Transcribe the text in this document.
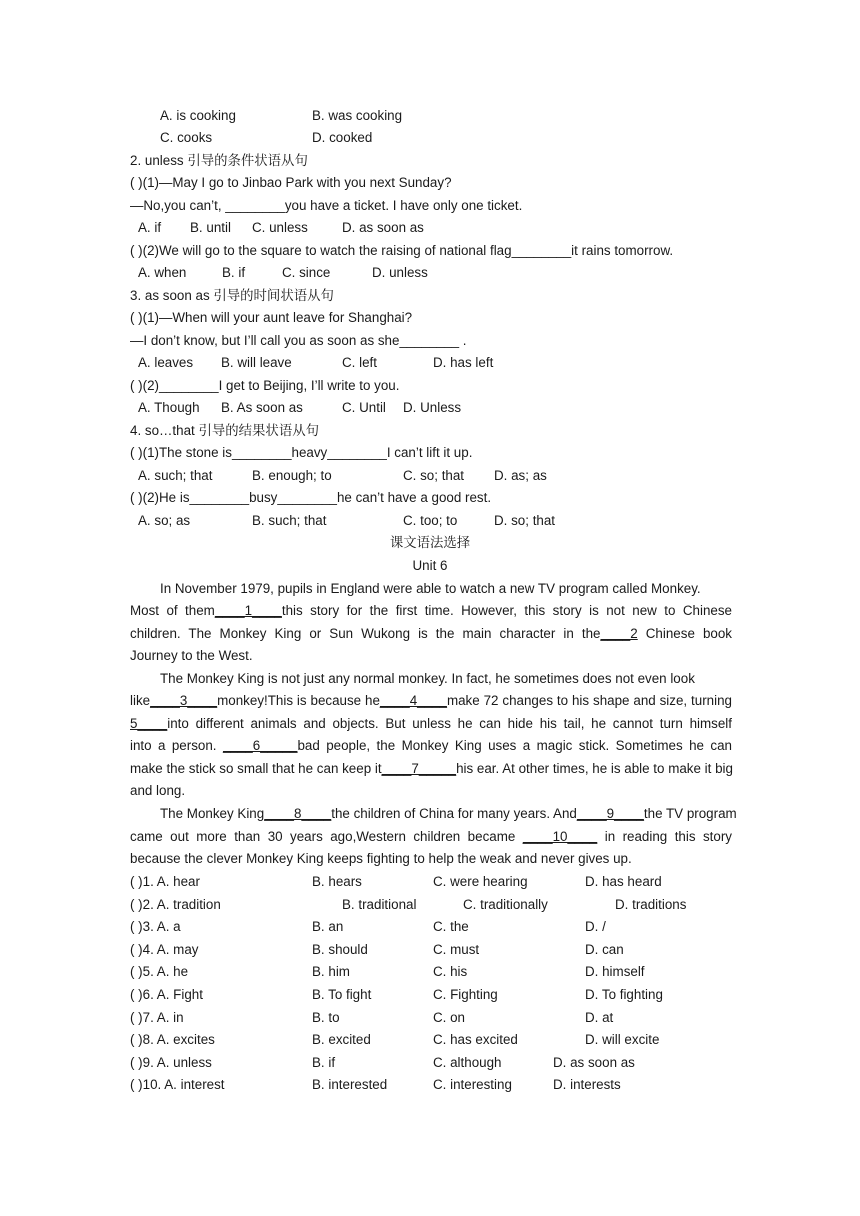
A. is cooking	B. was cooking
C. cooks	D. cooked
2. unless 引导的条件状语从句
( )(1)—May I go to Jinbao Park with you next Sunday?
—No,you can’t, ________you have a ticket. I have only one ticket.
A. if B. until C. unless	D. as soon as
( )(2)We will go to the square to watch the raising of national flag________it rains tomorrow.
A. when	B. if	C. since	D. unless
3. as soon as 引导的时间状语从句
( )(1)—When will your aunt leave for Shanghai?
—I don’t know, but I’ll call you as soon as she________ .
A. leaves B. will leave	C. left	D. has left
( )(2)________I get to Beijing, I’ll write to you.
A. Though B. As soon as	C. Until D. Unless
4. so…that 引导的结果状语从句
( )(1)The stone is________heavy________I can’t lift it up.
A. such; that	B. enough; to	C. so; that D. as; as
( )(2)He is________busy________he can’t have a good rest.
A. so; as	B. such; that	C. too; to	D. so; that
课文语法选择
Unit 6
In November 1979, pupils in England were able to watch a new TV program called Monkey.
Most of them____1____this story for the first time. However, this story is not new to Chinese
children. The Monkey King or Sun Wukong is the main character in the____2 Chinese book
Journey to the West.
The Monkey King is not just any normal monkey. In fact, he sometimes does not even look
like____3____monkey!This is because he____4____make 72 changes to his shape and size, turning
5____into different animals and objects. But unless he can hide his tail, he cannot turn himself
into a person. ____6_____bad people, the Monkey King uses a magic stick. Sometimes he can
make the stick so small that he can keep it____7_____his ear. At other times, he is able to make it big
and long.
The Monkey King ____8____ the children of China for many years. And ____9____ the TV program
came out more than 30 years ago,Western children became ____10____ in reading this story
because the clever Monkey King keeps fighting to help the weak and never gives up.
( )1. A. hear	B. hears	C. were hearing	D. has heard
( )2. A. tradition	B. traditional	C. traditionally	D. traditions
( )3. A. a	B. an	C. the	D. /
( )4. A. may	B. should	C. must	D. can
( )5. A. he	B. him	C. his	D. himself
( )6. A. Fight	B. To fight	C. Fighting	D. To fighting
( )7. A. in	B. to	C. on	D. at
( )8. A. excites	B. excited	C. has excited	D. will excite
( )9. A. unless	B. if	C. although	D. as soon as
( )10. A. interest	B. interested	C. interesting	D. interests
